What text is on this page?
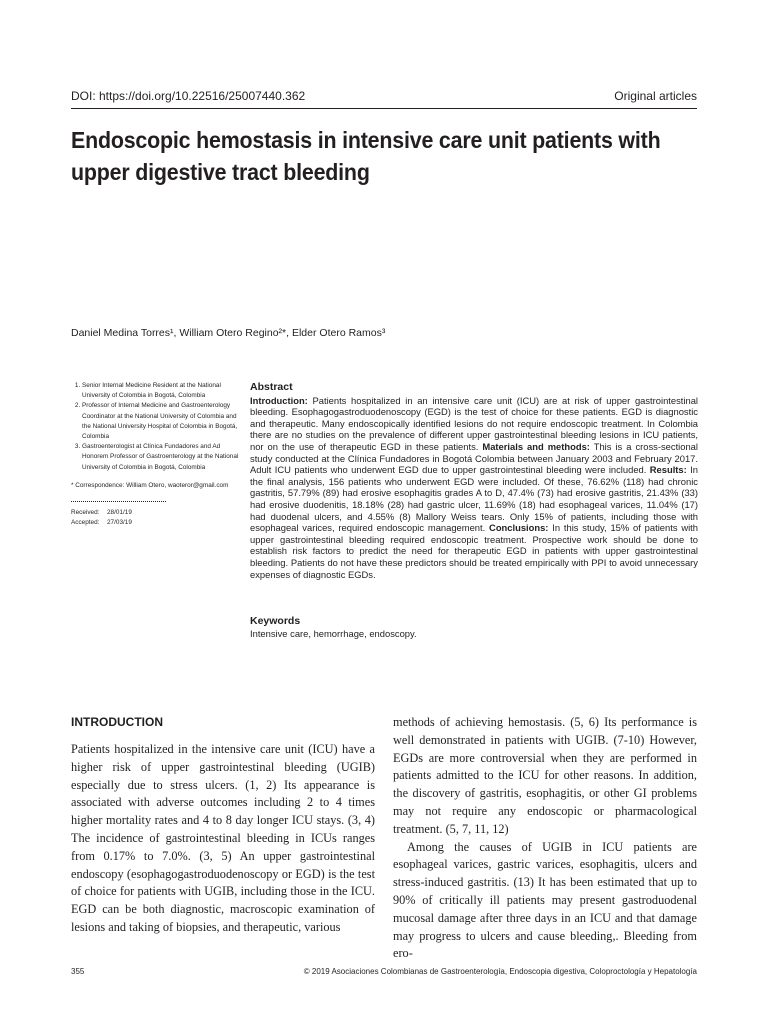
DOI: https://doi.org/10.22516/25007440.362	Original articles
Endoscopic hemostasis in intensive care unit patients with upper digestive tract bleeding
Daniel Medina Torres¹, William Otero Regino²*, Elder Otero Ramos³
1. Senior Internal Medicine Resident at the National University of Colombia in Bogotá, Colombia
2. Professor of Internal Medicine and Gastroenterology Coordinator at the National University of Colombia and the National University Hospital of Colombia in Bogotá, Colombia
3. Gastroenterologist at Clínica Fundadores and Ad Honorem Professor of Gastroenterology at the National University of Colombia in Bogotá, Colombia
* Correspondence: William Otero, waoteror@gmail.com
Received: 28/01/19
Accepted: 27/03/19
Abstract

Introduction: Patients hospitalized in an intensive care unit (ICU) are at risk of upper gastrointestinal bleeding. Esophagogastroduodenoscopy (EGD) is the test of choice for these patients. EGD is diagnostic and therapeutic. Many endoscopically identified lesions do not require endoscopic treatment. In Colombia there are no studies on the prevalence of different upper gastrointestinal bleeding lesions in ICU patients, nor on the use of therapeutic EGD in these patients. Materials and methods: This is a cross-sectional study conducted at the Clínica Fundadores in Bogotá Colombia between January 2003 and February 2017. Adult ICU patients who underwent EGD due to upper gastrointestinal bleeding were included. Results: In the final analysis, 156 patients who underwent EGD were included. Of these, 76.62% (118) had chronic gastritis, 57.79% (89) had erosive esophagitis grades A to D, 47.4% (73) had erosive gastritis, 21.43% (33) had erosive duodenitis, 18.18% (28) had gastric ulcer, 11.69% (18) had esophageal varices, 11.04% (17) had duodenal ulcers, and 4.55% (8) Mallory Weiss tears. Only 15% of patients, including those with esophageal varices, required endoscopic management. Conclusions: In this study, 15% of patients with upper gastrointestinal bleeding required endoscopic treatment. Prospective work should be done to establish risk factors to predict the need for therapeutic EGD in patients with upper gastrointestinal bleeding. Patients do not have these predictors should be treated empirically with PPI to avoid unnecessary expenses of diagnostic EGDs.

Keywords

Intensive care, hemorrhage, endoscopy.

INTRODUCTION

Patients hospitalized in the intensive care unit (ICU) have a higher risk of upper gastrointestinal bleeding (UGIB) especially due to stress ulcers. (1, 2) Its appearance is associated with adverse outcomes including 2 to 4 times higher mortality rates and 4 to 8 day longer ICU stays. (3, 4) The incidence of gastrointestinal bleeding in ICUs ranges from 0.17% to 7.0%. (3, 5) An upper gastrointestinal endoscopy (esophagogastroduodenoscopy or EGD) is the test of choice for patients with UGIB, including those in the ICU. EGD can be both diagnostic, macroscopic examination of lesions and taking of biopsies, and therapeutic, various

methods of achieving hemostasis. (5, 6) Its performance is well demonstrated in patients with UGIB. (7-10) However, EGDs are more controversial when they are performed in patients admitted to the ICU for other reasons. In addition, the discovery of gastritis, esophagitis, or other GI problems may not require any endoscopic or pharmacological treatment. (5, 7, 11, 12)

Among the causes of UGIB in ICU patients are esophageal varices, gastric varices, esophagitis, ulcers and stress-induced gastritis. (13) It has been estimated that up to 90% of critically ill patients may present gastroduodenal mucosal damage after three days in an ICU and that damage may progress to ulcers and cause bleeding,. Bleeding from ero-

355	© 2019 Asociaciones Colombianas de Gastroenterología, Endoscopia digestiva, Coloproctología y Hepatología
